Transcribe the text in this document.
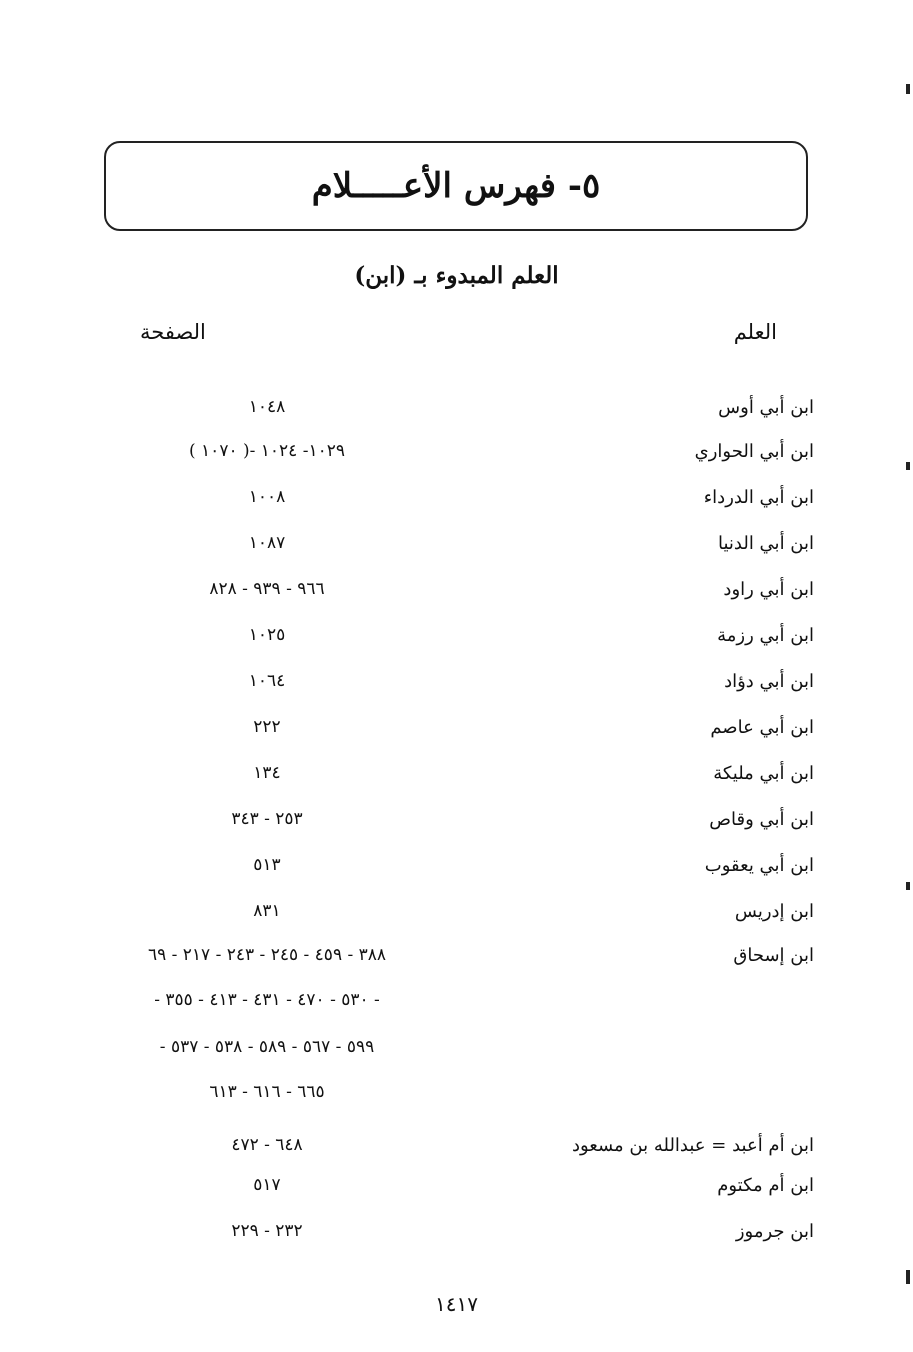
٥- فهرس الأعـــــلام
العلم المبدوء بـ (ابن)
العلم
الصفحة
ابن أبي أوس
١٠٤٨
ابن أبي الحواري
( ١٠٧٠ )- ١٠٢٩- ١٠٢٤
ابن أبي الدرداء
١٠٠٨
ابن أبي الدنيا
١٠٨٧
ابن أبي راود
٩٦٦ - ٩٣٩ - ٨٢٨
ابن أبي رزمة
١٠٢٥
ابن أبي دؤاد
١٠٦٤
ابن أبي عاصم
٢٢٢
ابن أبي مليكة
١٣٤
ابن أبي وقاص
٢٥٣ - ٣٤٣
ابن أبي يعقوب
٥١٣
ابن إدريس
٨٣١
ابن إسحاق
٣٨٨ - ٤٥٩ - ٢٤٥ - ٢٤٣ - ٢١٧ - ٦٩
- ٥٣٠ - ٤٧٠ - ٤٣١ - ٤١٣ - ٣٥٥ -
- ٥٩٩ - ٥٦٧ - ٥٨٩ - ٥٣٨ - ٥٣٧
٦٦٥ - ٦١٦ - ٦١٣
ابن أم أعبد = عبدالله بن مسعود
٦٤٨ - ٤٧٢
ابن أم مكتوم
٥١٧
ابن جرموز
٢٣٢ - ٢٢٩
١٤١٧
